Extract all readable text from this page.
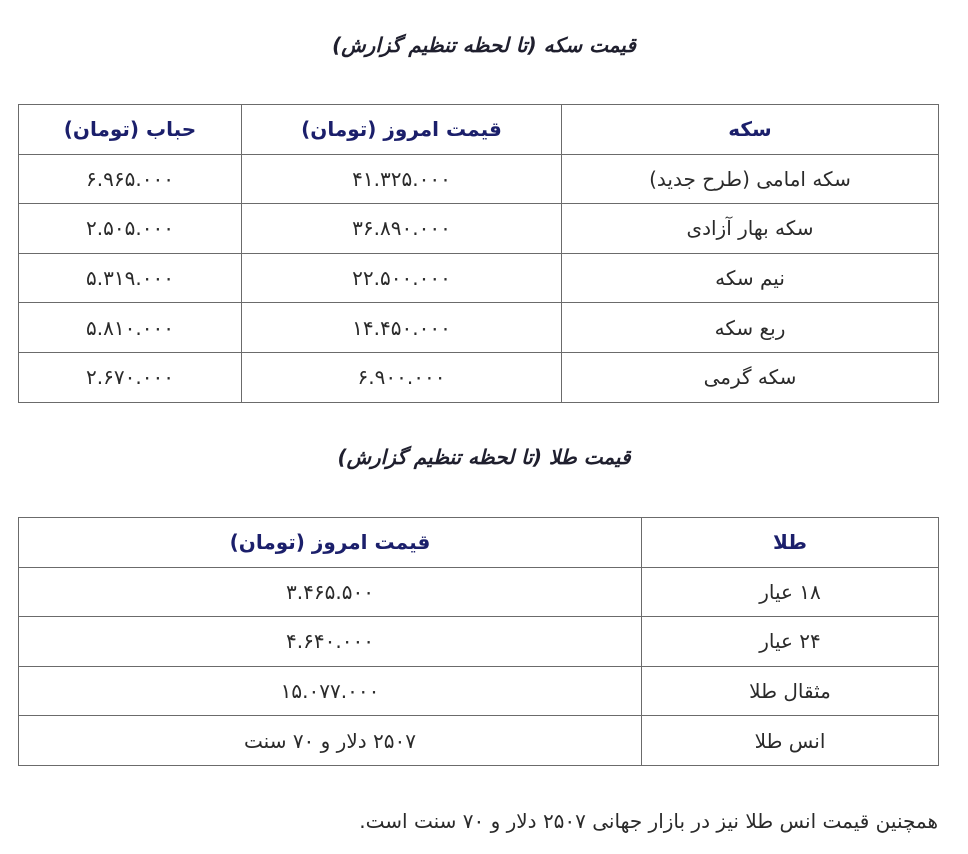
قیمت سکه (تا لحظه تنظیم گزارش)
سکه	قیمت امروز (تومان)	حباب (تومان)
سکه امامی (طرح جدید)	۴۱.۳۲۵.۰۰۰	۶.۹۶۵.۰۰۰
سکه بهار آزادی	۳۶.۸۹۰.۰۰۰	۲.۵۰۵.۰۰۰
نیم سکه	۲۲.۵۰۰.۰۰۰	۵.۳۱۹.۰۰۰
ربع سکه	۱۴.۴۵۰.۰۰۰	۵.۸۱۰.۰۰۰
سکه گرمی	۶.۹۰۰.۰۰۰	۲.۶۷۰.۰۰۰
قیمت طلا (تا لحظه تنظیم گزارش)
طلا	قیمت امروز (تومان)
۱۸ عیار	۳.۴۶۵.۵۰۰
۲۴ عیار	۴.۶۴۰.۰۰۰
مثقال طلا	۱۵.۰۷۷.۰۰۰
انس طلا	۲۵۰۷ دلار و ۷۰ سنت
همچنین قیمت انس طلا نیز در بازار جهانی ۲۵۰۷ دلار و ۷۰ سنت است.
